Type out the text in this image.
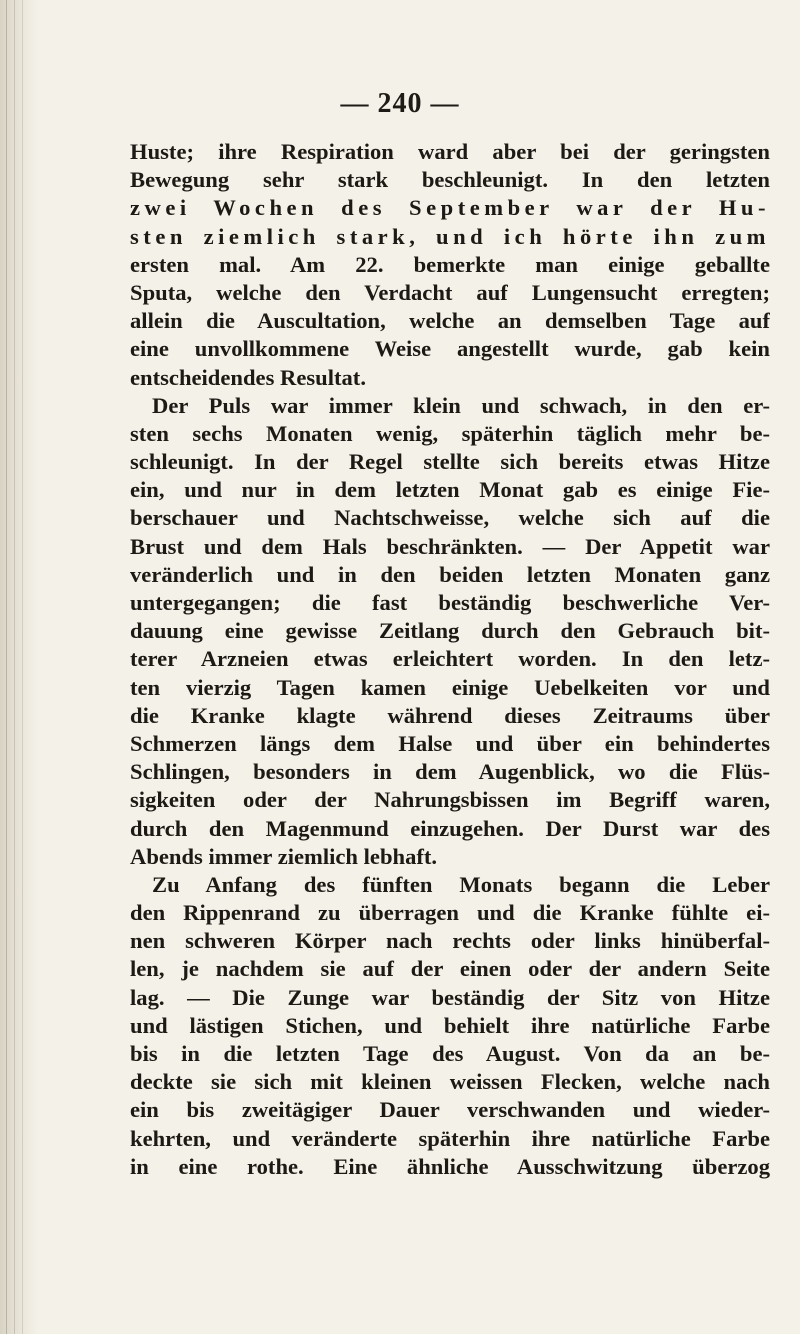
— 240 —
Huste; ihre Respiration ward aber bei der geringsten
Bewegung sehr stark beschleunigt. In den letzten
zwei Wochen des September war der Hu-
sten ziemlich stark, und ich hörte ihn zum
ersten mal. Am 22. bemerkte man einige geballte
Sputa, welche den Verdacht auf Lungensucht erregten;
allein die Auscultation, welche an demselben Tage auf
eine unvollkommene Weise angestellt wurde, gab kein
entscheidendes Resultat.
Der Puls war immer klein und schwach, in den er-
sten sechs Monaten wenig, späterhin täglich mehr be-
schleunigt. In der Regel stellte sich bereits etwas Hitze
ein, und nur in dem letzten Monat gab es einige Fie-
berschauer und Nachtschweisse, welche sich auf die
Brust und dem Hals beschränkten. — Der Appetit war
veränderlich und in den beiden letzten Monaten ganz
untergegangen; die fast beständig beschwerliche Ver-
dauung eine gewisse Zeitlang durch den Gebrauch bit-
terer Arzneien etwas erleichtert worden. In den letz-
ten vierzig Tagen kamen einige Uebelkeiten vor und
die Kranke klagte während dieses Zeitraums über
Schmerzen längs dem Halse und über ein behindertes
Schlingen, besonders in dem Augenblick, wo die Flüs-
sigkeiten oder der Nahrungsbissen im Begriff waren,
durch den Magenmund einzugehen. Der Durst war des
Abends immer ziemlich lebhaft.
Zu Anfang des fünften Monats begann die Leber
den Rippenrand zu überragen und die Kranke fühlte ei-
nen schweren Körper nach rechts oder links hinüberfal-
len, je nachdem sie auf der einen oder der andern Seite
lag. — Die Zunge war beständig der Sitz von Hitze
und lästigen Stichen, und behielt ihre natürliche Farbe
bis in die letzten Tage des August. Von da an be-
deckte sie sich mit kleinen weissen Flecken, welche nach
ein bis zweitägiger Dauer verschwanden und wieder-
kehrten, und veränderte späterhin ihre natürliche Farbe
in eine rothe. Eine ähnliche Ausschwitzung überzog
